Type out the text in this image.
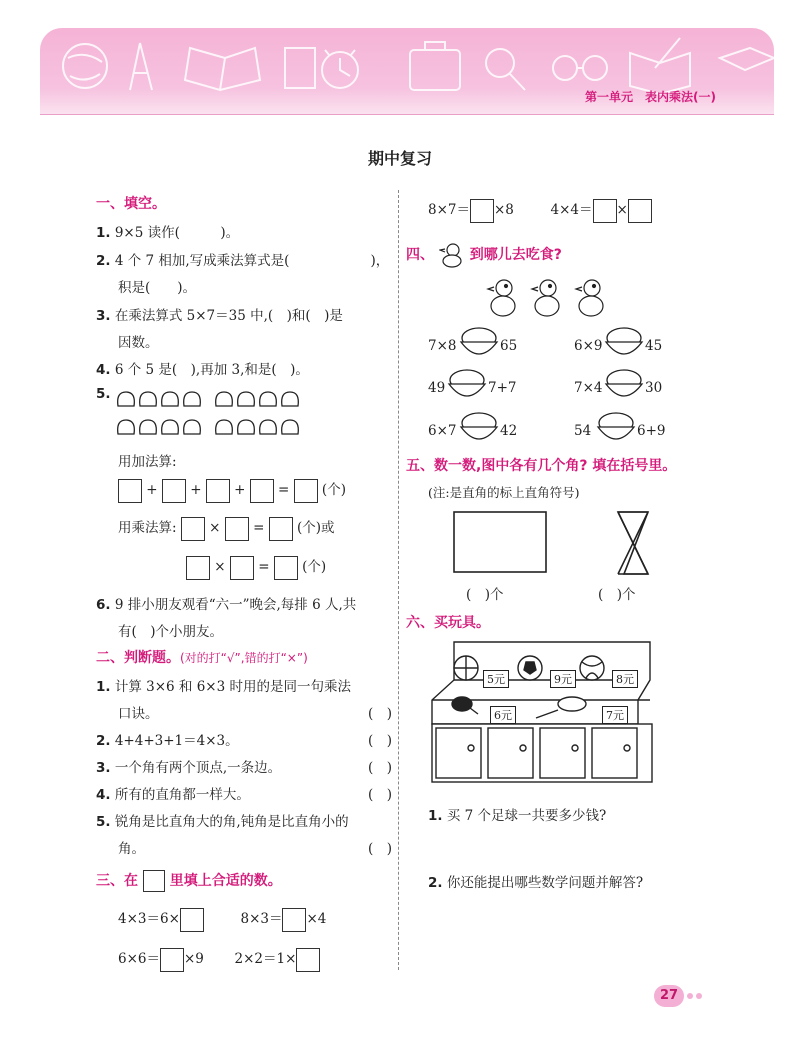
第一单元　表内乘法(一)
期中复习
一、填空。
1. 9×5 读作(　　　)。
2. 4 个 7 相加,写成乘法算式是(　　　　　　)，
积是(　　)。
3. 在乘法算式 5×7＝35 中,(　)和(　)是
因数。
4. 6 个 5 是(　),再加 3,和是(　)。
5.
用加法算:
+ + + = (个)
用乘法算: × = (个)或
× = (个)
6. 9 排小朋友观看“六一”晚会,每排 6 人,共
有(　)个小朋友。
二、判断题。(对的打“√”,错的打“×”)
1. 计算 3×6 和 6×3 时用的是同一句乘法
口诀。	(　)
2. 4+4+3+1＝4×3。	(　)
3. 一个角有两个顶点,一条边。	(　)
4. 所有的直角都一样大。	(　)
5. 锐角是比直角大的角,钝角是比直角小的
角。	(　)
三、在 里填上合适的数。
4×3＝6×	8×3＝ ×4
6×6＝ ×9 2×2＝1×
8×7＝ ×8	4×4＝ ×
四、	到哪儿去吃食?
7×8	65	6×9	45
49	7+7	7×4	30
6×7	42	54	6+9
五、数一数,图中各有几个角? 填在括号里。
(注:是直角的标上直角符号)
(　)个	(　)个
六、买玩具。
5元	9元	8元
6元	7元
1. 买 7 个足球一共要多少钱?
2. 你还能提出哪些数学问题并解答?
27
